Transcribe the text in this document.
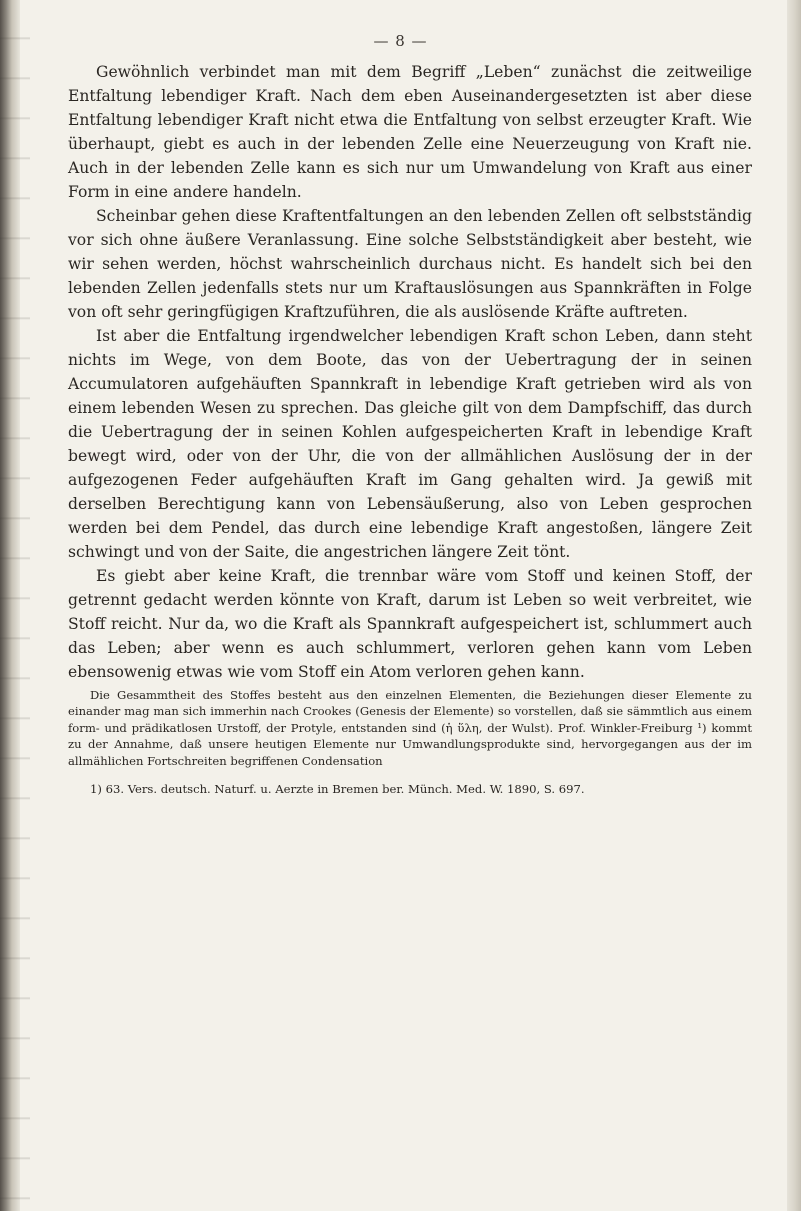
— 8 —

Gewöhnlich verbindet man mit dem Begriff „Leben“ zunächst die zeitweilige Entfaltung lebendiger Kraft. Nach dem eben Auseinandergesetzten ist aber diese Entfaltung lebendiger Kraft nicht etwa die Entfaltung von selbst erzeugter Kraft. Wie überhaupt, giebt es auch in der lebenden Zelle eine Neuerzeugung von Kraft nie. Auch in der lebenden Zelle kann es sich nur um Umwandelung von Kraft aus einer Form in eine andere handeln.

Scheinbar gehen diese Kraftentfaltungen an den lebenden Zellen oft selbstständig vor sich ohne äußere Veranlassung. Eine solche Selbstständigkeit aber besteht, wie wir sehen werden, höchst wahrscheinlich durchaus nicht. Es handelt sich bei den lebenden Zellen jedenfalls stets nur um Kraftauslösungen aus Spannkräften in Folge von oft sehr geringfügigen Kraftzuführen, die als auslösende Kräfte auftreten.

Ist aber die Entfaltung irgendwelcher lebendigen Kraft schon Leben, dann steht nichts im Wege, von dem Boote, das von der Uebertragung der in seinen Accumulatoren aufgehäuften Spannkraft in lebendige Kraft getrieben wird als von einem lebenden Wesen zu sprechen. Das gleiche gilt von dem Dampfschiff, das durch die Uebertragung der in seinen Kohlen aufgespeicherten Kraft in lebendige Kraft bewegt wird, oder von der Uhr, die von der allmählichen Auslösung der in der aufgezogenen Feder aufgehäuften Kraft im Gang gehalten wird. Ja gewiß mit derselben Berechtigung kann von Lebensäußerung, also von Leben gesprochen werden bei dem Pendel, das durch eine lebendige Kraft angestoßen, längere Zeit schwingt und von der Saite, die angestrichen längere Zeit tönt.

Es giebt aber keine Kraft, die trennbar wäre vom Stoff und keinen Stoff, der getrennt gedacht werden könnte von Kraft, darum ist Leben so weit verbreitet, wie Stoff reicht. Nur da, wo die Kraft als Spannkraft aufgespeichert ist, schlummert auch das Leben; aber wenn es auch schlummert, verloren gehen kann vom Leben ebensowenig etwas wie vom Stoff ein Atom verloren gehen kann.

Die Gesammtheit des Stoffes besteht aus den einzelnen Elementen, die Beziehungen dieser Elemente zu einander mag man sich immerhin nach Crookes (Genesis der Elemente) so vorstellen, daß sie sämmtlich aus einem form- und prädikatlosen Urstoff, der Protyle, entstanden sind (ἡ ὕλη, der Wulst). Prof. Winkler-Freiburg ¹) kommt zu der Annahme, daß unsere heutigen Elemente nur Umwandlungsprodukte sind, hervorgegangen aus der im allmählichen Fortschreiten begriffenen Condensation

1) 63. Vers. deutsch. Naturf. u. Aerzte in Bremen ber. Münch. Med. W. 1890, S. 697.
